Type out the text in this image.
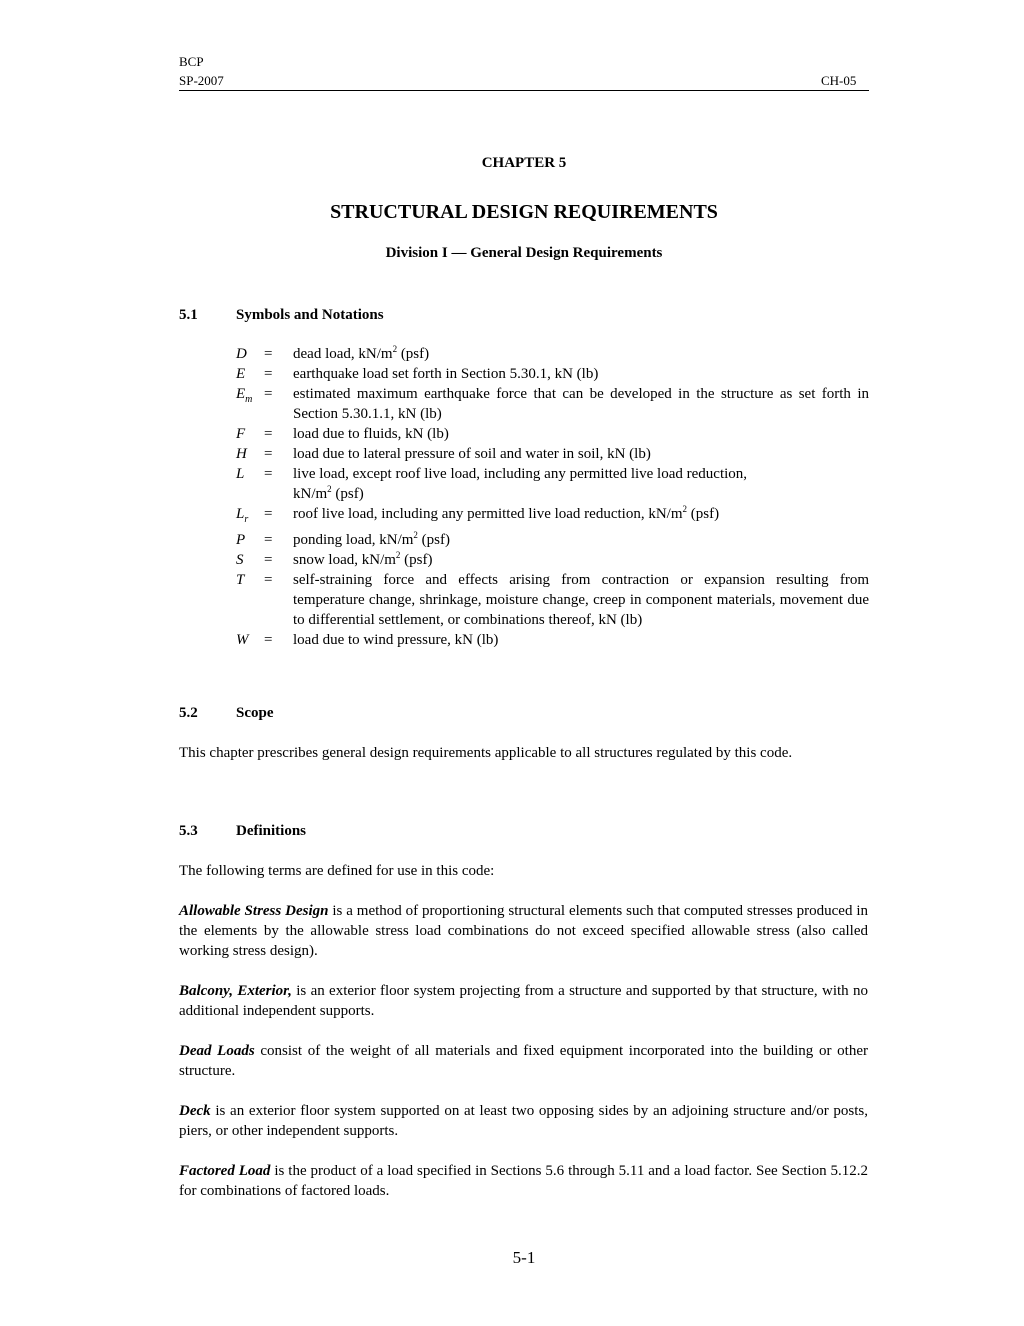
BCP
SP-2007	CH-05
CHAPTER 5
STRUCTURAL DESIGN REQUIREMENTS
Division I — General Design Requirements
5.1	Symbols and Notations
D	=	dead load, $kN/m^2$ (psf)
E	=	earthquake load set forth in Section 5.30.1, kN (lb)
$E_m$ =	estimated maximum earthquake force that can be developed in the structure as set forth in Section 5.30.1.1, kN (lb)
F	=	load due to fluids, kN (lb)
H	=	load due to lateral pressure of soil and water in soil, kN (lb)
L	=	live load, except roof live load, including any permitted live load reduction,
$kN/m^2$ (psf)
$L_r$	=	roof live load, including any permitted live load reduction, $kN/m^2$ (psf)
P	=	ponding load, $kN/m^2$ (psf)
S	=	snow load, $kN/m^2$ (psf)
T	=	self-straining force and effects arising from contraction or expansion resulting from temperature change, shrinkage, moisture change, creep in component materials, movement due to differential settlement, or combinations thereof, kN (lb)
W	=	load due to wind pressure, kN (lb)
5.2	Scope
This chapter prescribes general design requirements applicable to all structures regulated by this code.
5.3	Definitions
The following terms are defined for use in this code:
Allowable Stress Design is a method of proportioning structural elements such that computed stresses produced in the elements by the allowable stress load combinations do not exceed specified allowable stress (also called working stress design).
Balcony, Exterior, is an exterior floor system projecting from a structure and supported by that structure, with no additional independent supports.
Dead Loads consist of the weight of all materials and fixed equipment incorporated into the building or other structure.
Deck is an exterior floor system supported on at least two opposing sides by an adjoining structure and/or posts, piers, or other independent supports.
Factored Load is the product of a load specified in Sections 5.6 through 5.11 and a load factor. See Section 5.12.2 for combinations of factored loads.
5-1
